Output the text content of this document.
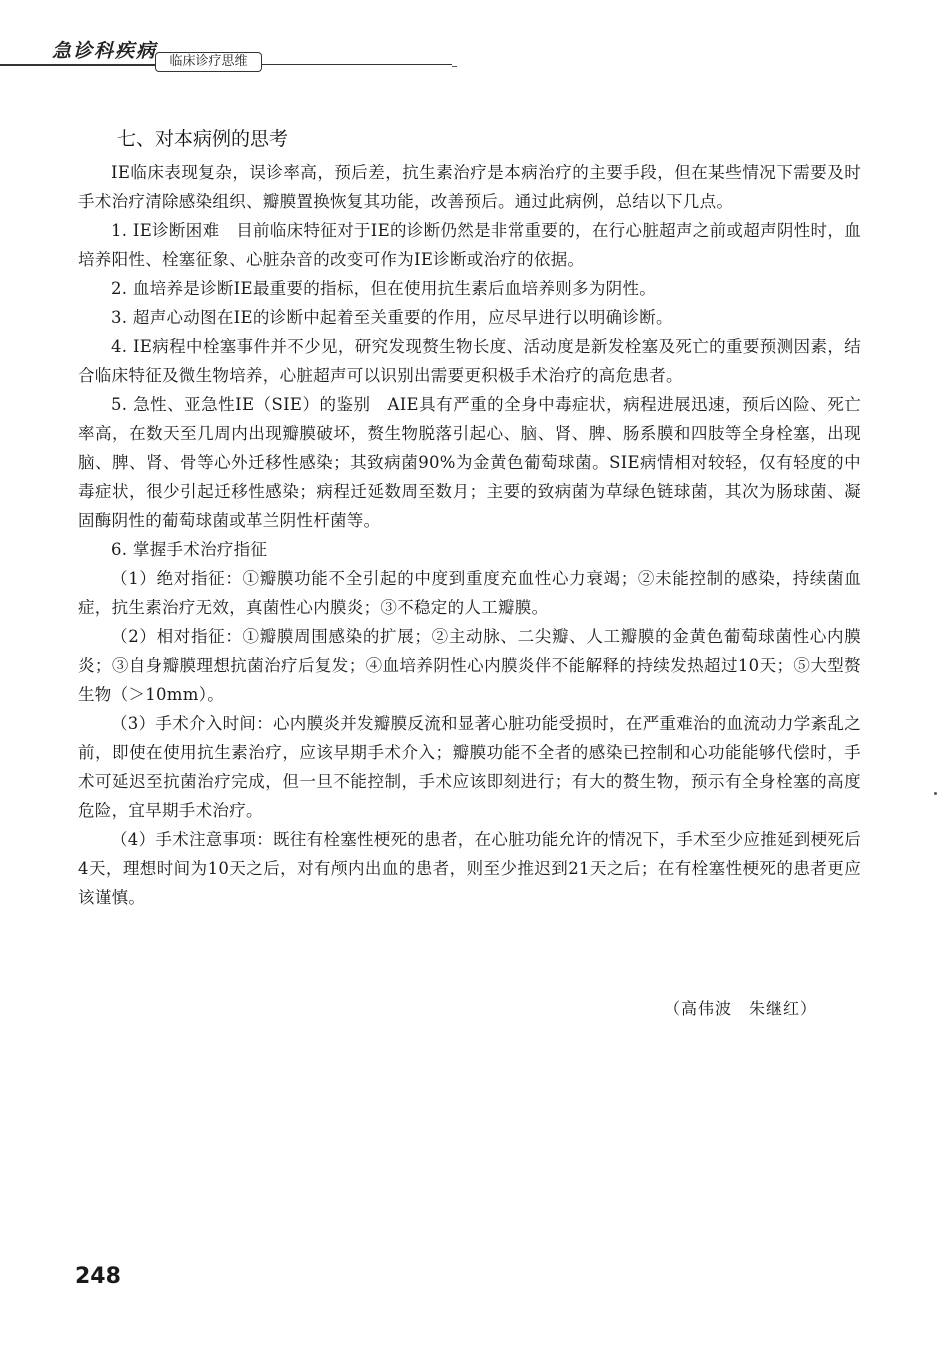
急诊科疾病 临床诊疗思维
七、对本病例的思考

IE临床表现复杂，误诊率高，预后差，抗生素治疗是本病治疗的主要手段，但在某些情况下需要及时手术治疗清除感染组织、瓣膜置换恢复其功能，改善预后。通过此病例，总结以下几点。

1. IE诊断困难　目前临床特征对于IE的诊断仍然是非常重要的，在行心脏超声之前或超声阴性时，血培养阳性、栓塞征象、心脏杂音的改变可作为IE诊断或治疗的依据。

2. 血培养是诊断IE最重要的指标，但在使用抗生素后血培养则多为阴性。

3. 超声心动图在IE的诊断中起着至关重要的作用，应尽早进行以明确诊断。

4. IE病程中栓塞事件并不少见，研究发现赘生物长度、活动度是新发栓塞及死亡的重要预测因素，结合临床特征及微生物培养，心脏超声可以识别出需要更积极手术治疗的高危患者。

5. 急性、亚急性IE（SIE）的鉴别　AIE具有严重的全身中毒症状，病程进展迅速，预后凶险、死亡率高，在数天至几周内出现瓣膜破坏，赘生物脱落引起心、脑、肾、脾、肠系膜和四肢等全身栓塞，出现脑、脾、肾、骨等心外迁移性感染；其致病菌90%为金黄色葡萄球菌。SIE病情相对较轻，仅有轻度的中毒症状，很少引起迁移性感染；病程迁延数周至数月；主要的致病菌为草绿色链球菌，其次为肠球菌、凝固酶阴性的葡萄球菌或革兰阴性杆菌等。

6. 掌握手术治疗指征

（1）绝对指征：①瓣膜功能不全引起的中度到重度充血性心力衰竭；②未能控制的感染，持续菌血症，抗生素治疗无效，真菌性心内膜炎；③不稳定的人工瓣膜。

（2）相对指征：①瓣膜周围感染的扩展；②主动脉、二尖瓣、人工瓣膜的金黄色葡萄球菌性心内膜炎；③自身瓣膜理想抗菌治疗后复发；④血培养阴性心内膜炎伴不能解释的持续发热超过10天；⑤大型赘生物（＞10mm）。

（3）手术介入时间：心内膜炎并发瓣膜反流和显著心脏功能受损时，在严重难治的血流动力学紊乱之前，即使在使用抗生素治疗，应该早期手术介入；瓣膜功能不全者的感染已控制和心功能能够代偿时，手术可延迟至抗菌治疗完成，但一旦不能控制，手术应该即刻进行；有大的赘生物，预示有全身栓塞的高度危险，宜早期手术治疗。

（4）手术注意事项：既往有栓塞性梗死的患者，在心脏功能允许的情况下，手术至少应推延到梗死后4天，理想时间为10天之后，对有颅内出血的患者，则至少推迟到21天之后；在有栓塞性梗死的患者更应该谨慎。

（高伟波　朱继红）
248
